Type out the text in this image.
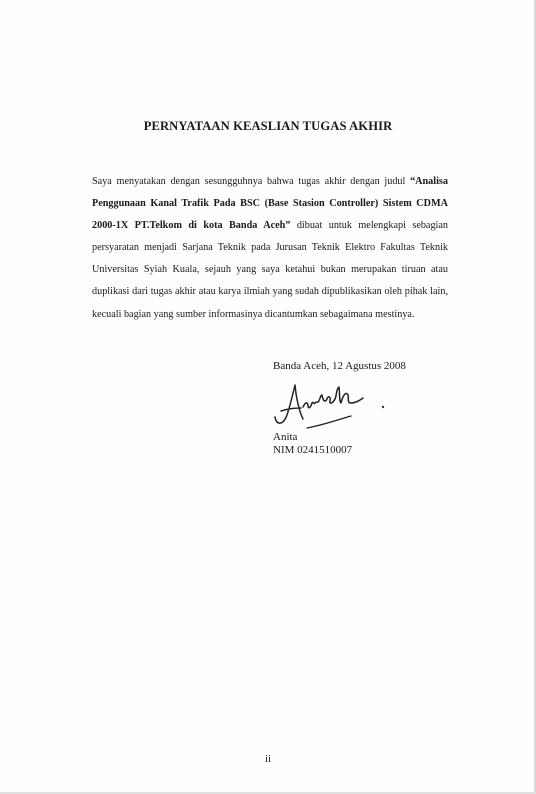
PERNYATAAN KEASLIAN TUGAS AKHIR

Saya menyatakan dengan sesungguhnya bahwa tugas akhir dengan judul “Analisa Penggunaan Kanal Trafik Pada BSC (Base Stasion Controller) Sistem CDMA 2000-1X PT.Telkom di kota Banda Aceh” dibuat untuk melengkapi sebagian persyaratan menjadi Sarjana Teknik pada Jurusan Teknik Elektro Fakultas Teknik Universitas Syiah Kuala, sejauh yang saya ketahui bukan merupakan tiruan atau duplikasi dari tugas akhir atau karya ilmiah yang sudah dipublikasikan oleh pihak lain, kecuali bagian yang sumber informasinya dicantumkan sebagaimana mestinya.

Banda Aceh, 12 Agustus 2008
Anita
NIM 0241510007
ii
